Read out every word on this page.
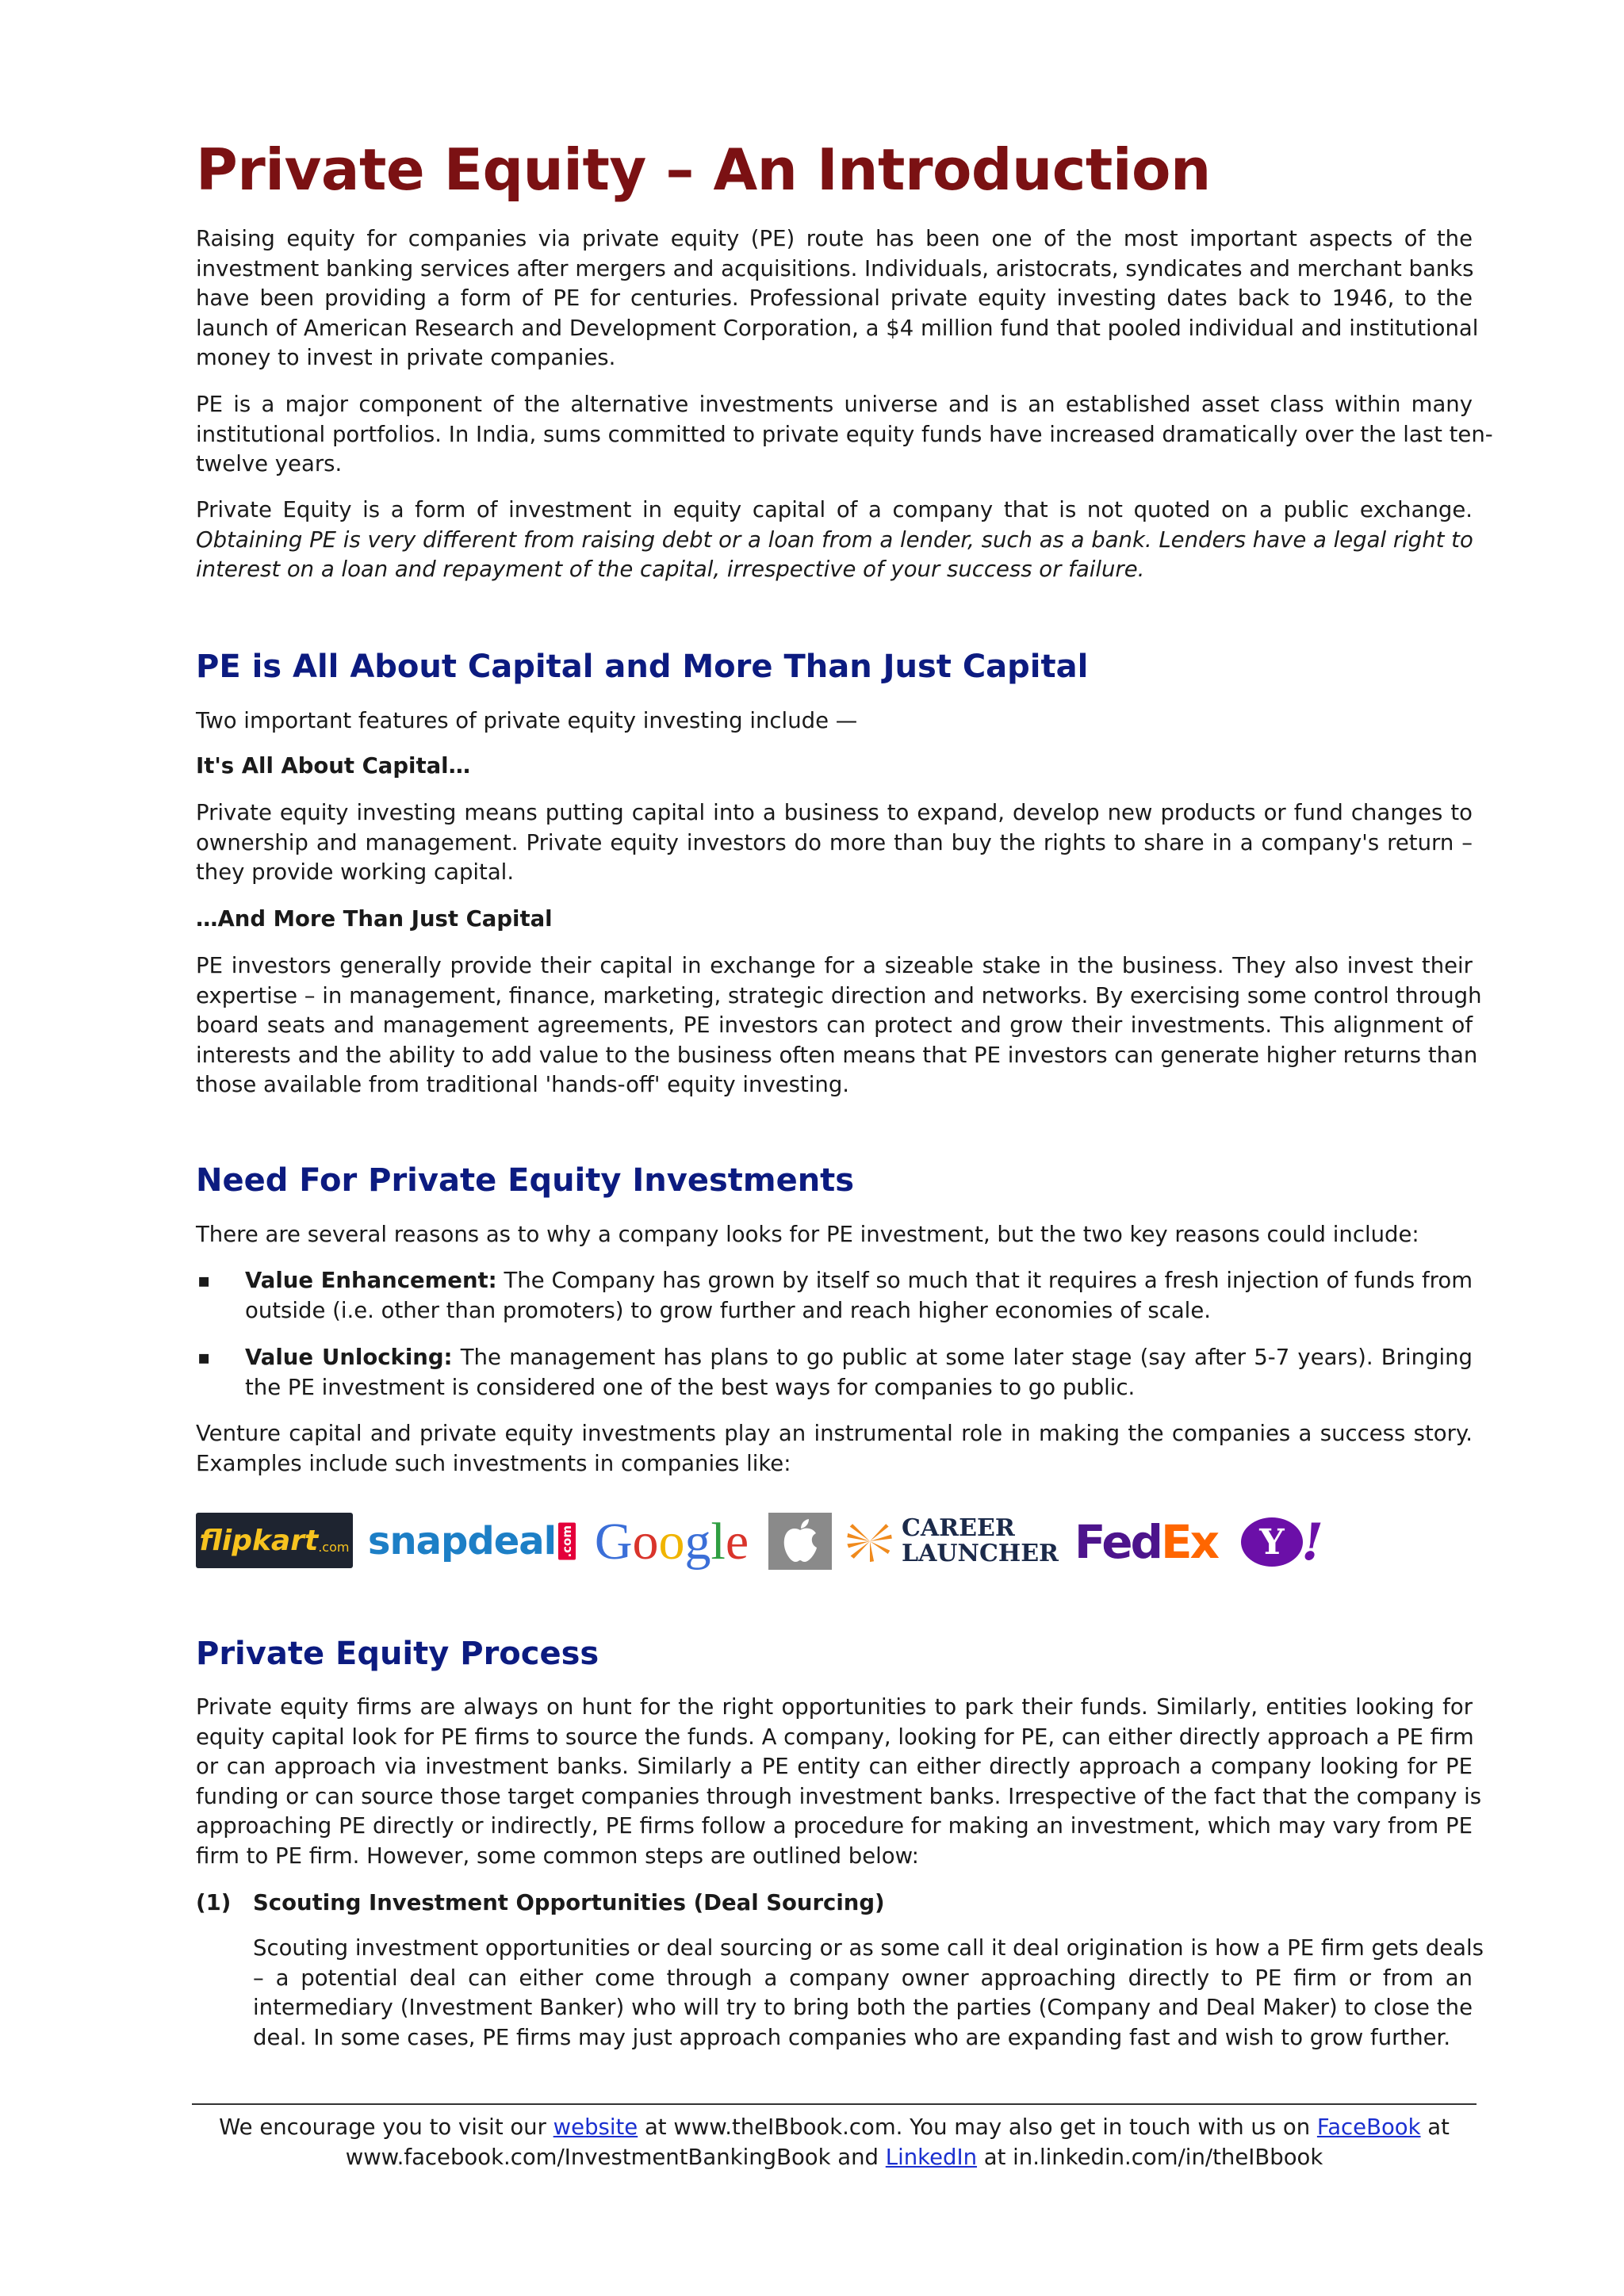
Private Equity – An Introduction
Raising equity for companies via private equity (PE) route has been one of the most important aspects of the
investment banking services after mergers and acquisitions. Individuals, aristocrats, syndicates and merchant banks
have been providing a form of PE for centuries. Professional private equity investing dates back to 1946, to the
launch of American Research and Development Corporation, a $4 million fund that pooled individual and institutional
money to invest in private companies.
PE is a major component of the alternative investments universe and is an established asset class within many
institutional portfolios. In India, sums committed to private equity funds have increased dramatically over the last ten-
twelve years.
Private Equity is a form of investment in equity capital of a company that is not quoted on a public exchange.
Obtaining PE is very different from raising debt or a loan from a lender, such as a bank. Lenders have a legal right to
interest on a loan and repayment of the capital, irrespective of your success or failure.
PE is All About Capital and More Than Just Capital
Two important features of private equity investing include —
It's All About Capital…
Private equity investing means putting capital into a business to expand, develop new products or fund changes to
ownership and management. Private equity investors do more than buy the rights to share in a company's return –
they provide working capital.
…And More Than Just Capital
PE investors generally provide their capital in exchange for a sizeable stake in the business. They also invest their
expertise – in management, finance, marketing, strategic direction and networks. By exercising some control through
board seats and management agreements, PE investors can protect and grow their investments. This alignment of
interests and the ability to add value to the business often means that PE investors can generate higher returns than
those available from traditional 'hands-off' equity investing.
Need For Private Equity Investments
There are several reasons as to why a company looks for PE investment, but the two key reasons could include:
▪ Value Enhancement: The Company has grown by itself so much that it requires a fresh injection of funds from
outside (i.e. other than promoters) to grow further and reach higher economies of scale.
▪ Value Unlocking: The management has plans to go public at some later stage (say after 5-7 years). Bringing
the PE investment is considered one of the best ways for companies to go public.
Venture capital and private equity investments play an instrumental role in making the companies a success story.
Examples include such investments in companies like:
flipkart .com snapdeal .com G o o g l e	CAREER
LAUNCHER Fed Ex	Y !
Private Equity Process
Private equity firms are always on hunt for the right opportunities to park their funds. Similarly, entities looking for
equity capital look for PE firms to source the funds. A company, looking for PE, can either directly approach a PE firm
or can approach via investment banks. Similarly a PE entity can either directly approach a company looking for PE
funding or can source those target companies through investment banks. Irrespective of the fact that the company is
approaching PE directly or indirectly, PE firms follow a procedure for making an investment, which may vary from PE
firm to PE firm. However, some common steps are outlined below:
(1) Scouting Investment Opportunities (Deal Sourcing)
Scouting investment opportunities or deal sourcing or as some call it deal origination is how a PE firm gets deals
– a potential deal can either come through a company owner approaching directly to PE firm or from an
intermediary (Investment Banker) who will try to bring both the parties (Company and Deal Maker) to close the
deal. In some cases, PE firms may just approach companies who are expanding fast and wish to grow further.
We encourage you to visit our website at www.theIBbook.com. You may also get in touch with us on FaceBook at
www.facebook.com/InvestmentBankingBook and LinkedIn at in.linkedin.com/in/theIBbook
